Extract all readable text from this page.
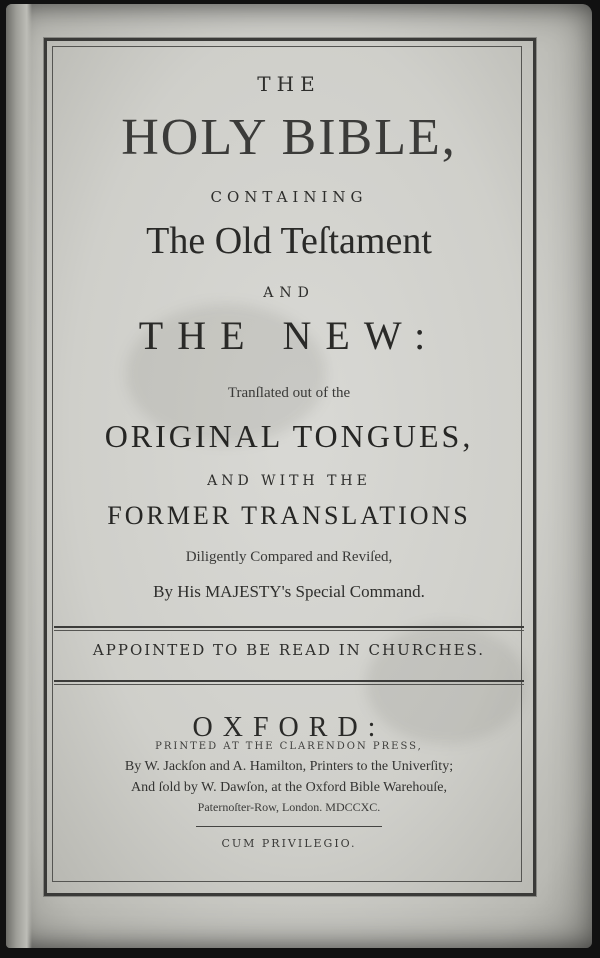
THE

HOLY BIBLE,

CONTAINING

The Old Teſtament

AND

THE NEW:

Tranſlated out of the

ORIGINAL TONGUES,

AND WITH THE

FORMER TRANSLATIONS

Diligently Compared and Reviſed,

By His MAJESTY's Special Command.

APPOINTED TO BE READ IN CHURCHES.

OXFORD:

PRINTED AT THE CLARENDON PRESS,

By W. Jackſon and A. Hamilton, Printers to the Univerſity;

And ſold by W. Dawſon, at the Oxford Bible Warehouſe,

Paternoſter-Row, London. MDCCXC.

CUM PRIVILEGIO.
